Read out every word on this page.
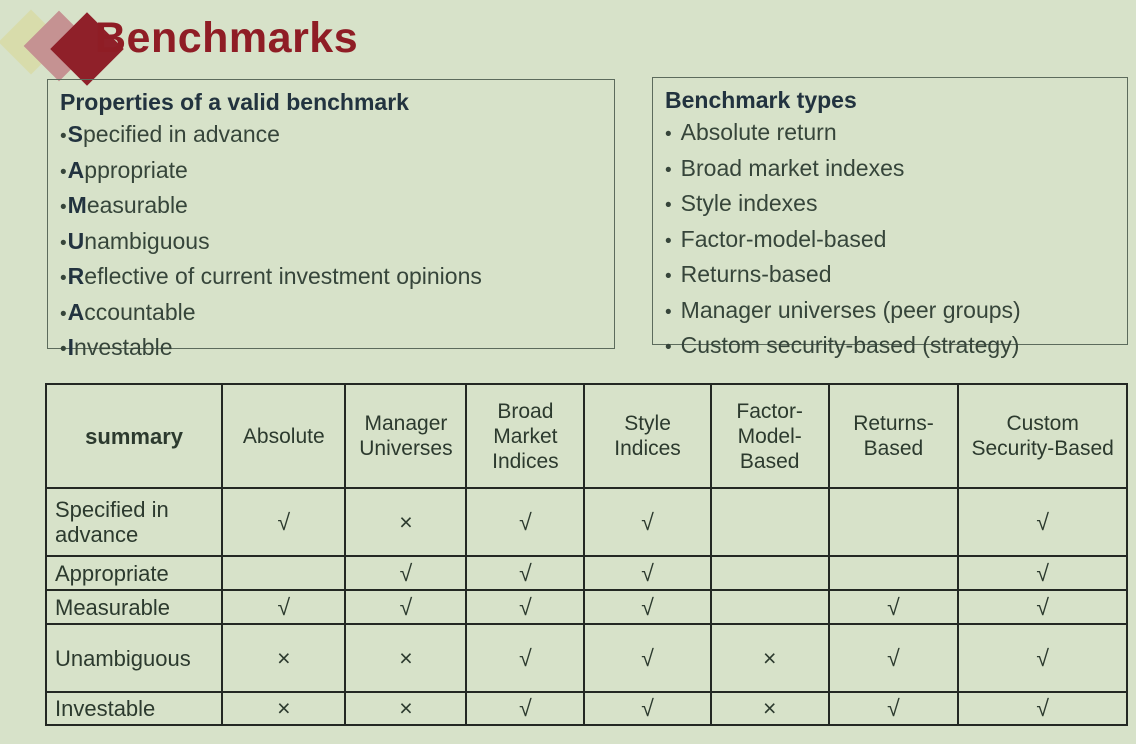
Benchmarks
Properties of a valid benchmark
•Specified in advance
•Appropriate
•Measurable
•Unambiguous
•Reflective of current investment opinions
•Accountable
•Investable
Benchmark types
• Absolute return
• Broad market indexes
• Style indexes
• Factor-model-based
• Returns-based
• Manager universes (peer groups)
• Custom security-based (strategy)
summary	Absolute	Manager Universes	Broad Market Indices	Style Indices	Factor-Model-Based	Returns-Based	Custom Security-Based
Specified in advance	√	×	√	√			√
Appropriate		√	√	√			√
Measurable	√	√	√	√		√	√
Unambiguous	×	×	√	√	×	√	√
Investable	×	×	√	√	×	√	√
